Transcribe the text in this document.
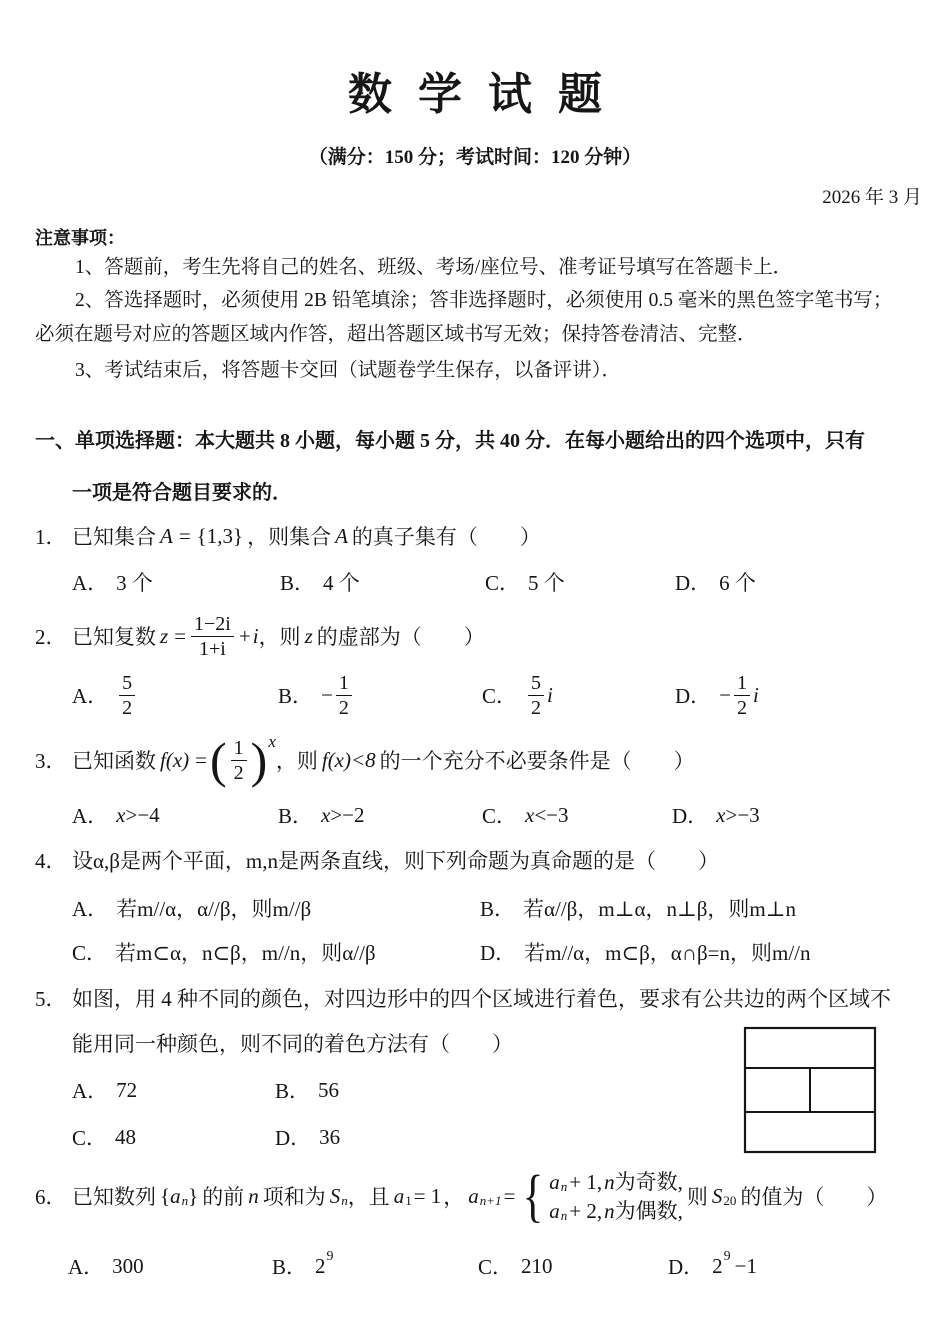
数学试题
（满分：150 分；考试时间：120 分钟）
2026 年 3 月
注意事项：
1、答题前，考生先将自己的姓名、班级、考场/座位号、准考证号填写在答题卡上．
2、答选择题时，必须使用 2B 铅笔填涂；答非选择题时，必须使用 0.5 毫米的黑色签字笔书写；
必须在题号对应的答题区域内作答，超出答题区域书写无效；保持答卷清洁、完整．
3、考试结束后，将答题卡交回（试题卷学生保存，以备评讲）．
一、单项选择题：本大题共 8 小题，每小题 5 分，共 40 分．在每小题给出的四个选项中，只有
一项是符合题目要求的．
1． 已知集合 A = {1,3} ，则集合 A 的真子集有（　　）
A． 3 个	B． 4 个	C． 5 个	D． 6 个
2． 已知复数 $z = \frac{1-2i}{1+i} + i$ ，则 z 的虚部为（　　）
A． $\frac{5}{2}$	B． − $\frac{1}{2}$	C． $\frac{5}{2}$ i	D． − $\frac{1}{2}$ i
3． 已知函数 f(x) = ( $\frac{1}{2}$ ) x
，则 f(x)<8 的一个充分不必要条件是（　　）
A． x >−4	B． x >−2	C． x <−3	D． x >−3
4． 设α,β是两个平面，m,n是两条直线，则下列命题为真命题的是（　　）
A． 若m//α，α//β，则m//β	B． 若α//β，m⊥α，n⊥β，则m⊥n
C． 若m⊂α，n⊂β，m//n，则α//β	D． 若m//α，m⊂β，α∩β=n，则m//n
5． 如图，用 4 种不同的颜色，对四边形中的四个区域进行着色，要求有公共边的两个区域不
能用同一种颜色，则不同的着色方法有（　　）
A． 72	B． 56
C． 48	D． 36
6． 已知数列 { a n } 的前 n 项和为 S n ，且 a 1 = 1 ， a n+1 = { a n + 1, n 为奇数,
a n + 2, n 为偶数,
则 S 20 的值为（　　）
A． 300	B． 2 9	C． 210	D． 2 9 −1
